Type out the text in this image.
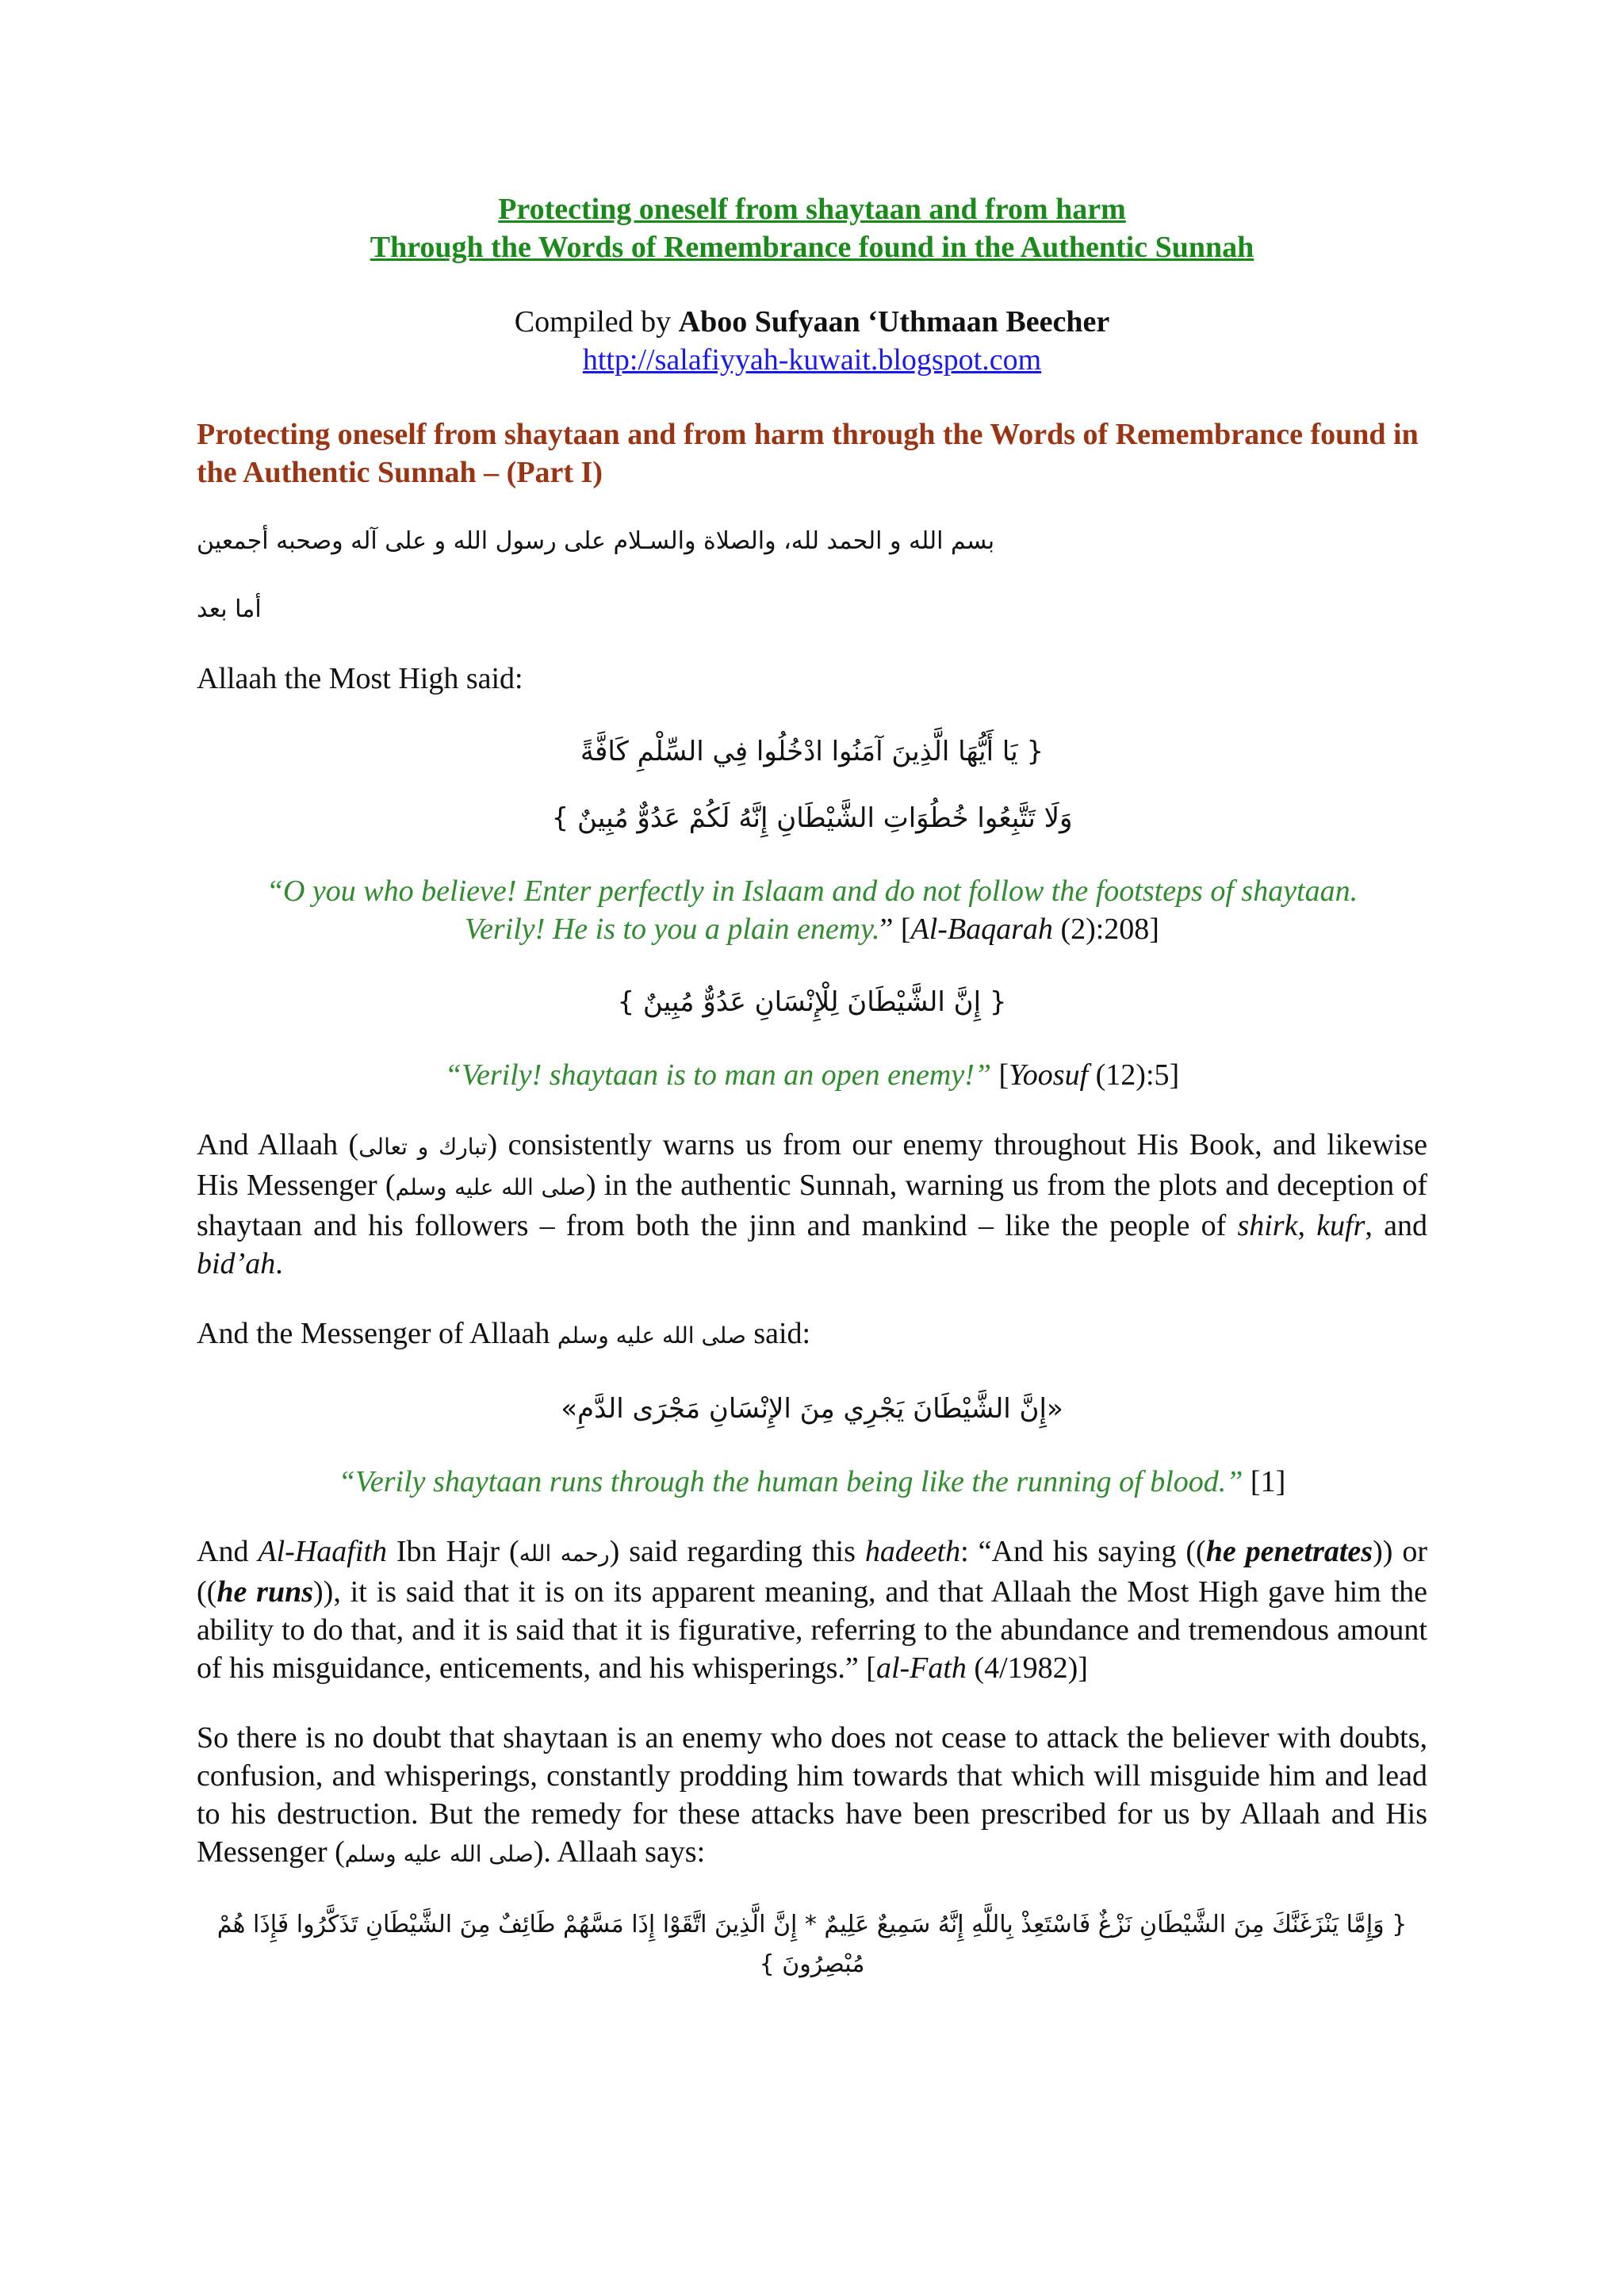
Protecting oneself from shaytaan and from harm
Through the Words of Remembrance found in the Authentic Sunnah
Compiled by Aboo Sufyaan ‘Uthmaan Beecher
http://salafiyyah-kuwait.blogspot.com
Protecting oneself from shaytaan and from harm through the Words of Remembrance found in the Authentic Sunnah – (Part I)
بسم الله و الحمد لله، والصلاة والسـلام على رسول الله و على آله وصحبه أجمعين
أما بعد
Allaah the Most High said:
{ يَا أَيُّهَا الَّذِينَ آمَنُوا ادْخُلُوا فِي السِّلْمِ كَافَّةً
وَلَا تَتَّبِعُوا خُطُوَاتِ الشَّيْطَانِ إِنَّهُ لَكُمْ عَدُوٌّ مُبِينٌ }
“O you who believe! Enter perfectly in Islaam and do not follow the footsteps of shaytaan.
Verily! He is to you a plain enemy.” [Al-Baqarah (2):208]
{ إِنَّ الشَّيْطَانَ لِلْإِنْسَانِ عَدُوٌّ مُبِينٌ }
“Verily! shaytaan is to man an open enemy!” [Yoosuf (12):5]
And Allaah (تبارك و تعالى) consistently warns us from our enemy throughout His Book, and likewise His Messenger (صلى الله عليه وسلم) in the authentic Sunnah, warning us from the plots and deception of shaytaan and his followers – from both the jinn and mankind – like the people of shirk, kufr, and bid’ah.
And the Messenger of Allaah صلى الله عليه وسلم said:
«إِنَّ الشَّيْطَانَ يَجْرِي مِنَ الإِنْسَانِ مَجْرَى الدَّمِ»
“Verily shaytaan runs through the human being like the running of blood.” [1]
And Al-Haafith Ibn Hajr (رحمه الله) said regarding this hadeeth: “And his saying ((he penetrates)) or ((he runs)), it is said that it is on its apparent meaning, and that Allaah the Most High gave him the ability to do that, and it is said that it is figurative, referring to the abundance and tremendous amount of his misguidance, enticements, and his whisperings.” [al-Fath (4/1982)]
So there is no doubt that shaytaan is an enemy who does not cease to attack the believer with doubts, confusion, and whisperings, constantly prodding him towards that which will misguide him and lead to his destruction. But the remedy for these attacks have been prescribed for us by Allaah and His Messenger (صلى الله عليه وسلم). Allaah says:
{ وَإِمَّا يَنْزَغَنَّكَ مِنَ الشَّيْطَانِ نَزْغٌ فَاسْتَعِذْ بِاللَّهِ إِنَّهُ سَمِيعٌ عَلِيمٌ * إِنَّ الَّذِينَ اتَّقَوْا إِذَا مَسَّهُمْ طَائِفٌ مِنَ الشَّيْطَانِ تَذَكَّرُوا فَإِذَا هُمْ
مُبْصِرُونَ }
